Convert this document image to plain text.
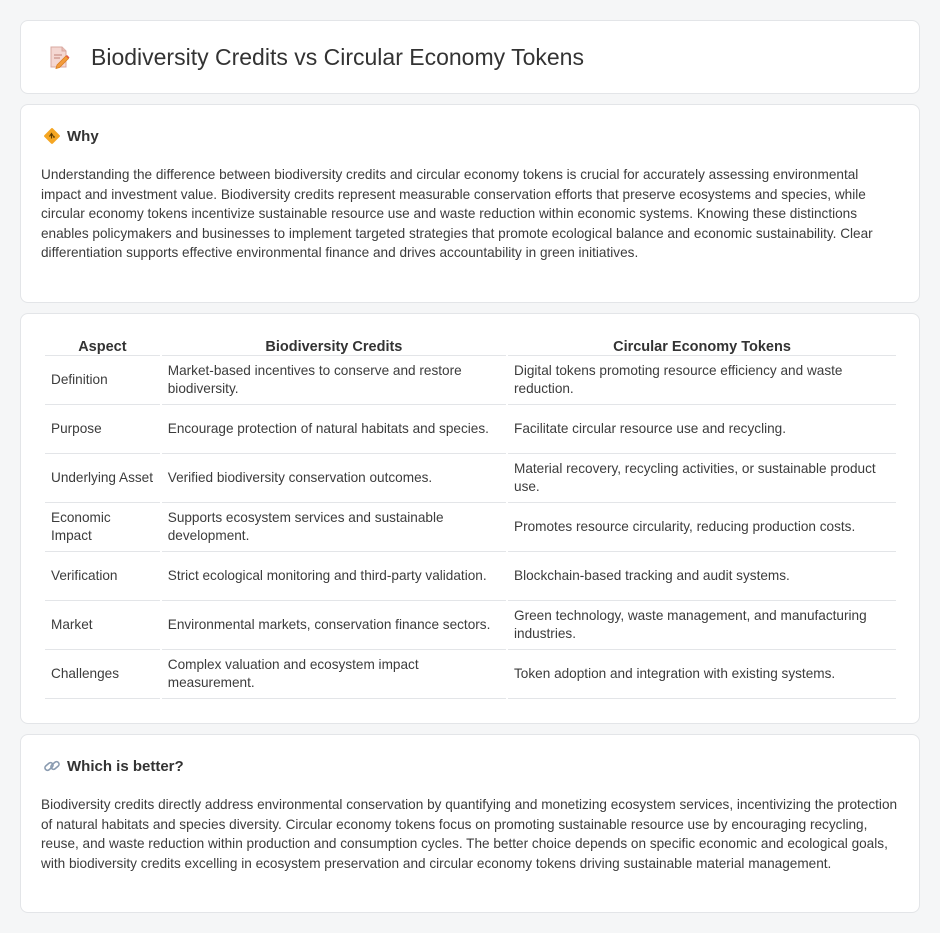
Biodiversity Credits vs Circular Economy Tokens
Why

Understanding the difference between biodiversity credits and circular economy tokens is crucial for accurately assessing environmental impact and investment value. Biodiversity credits represent measurable conservation efforts that preserve ecosystems and species, while circular economy tokens incentivize sustainable resource use and waste reduction within economic systems. Knowing these distinctions enables policymakers and businesses to implement targeted strategies that promote ecological balance and economic sustainability. Clear differentiation supports effective environmental finance and drives accountability in green initiatives.

Aspect	Biodiversity Credits	Circular Economy Tokens
Definition	Market-based incentives to conserve and restore biodiversity.	Digital tokens promoting resource efficiency and waste reduction.
Purpose	Encourage protection of natural habitats and species.	Facilitate circular resource use and recycling.
Underlying Asset	Verified biodiversity conservation outcomes.	Material recovery, recycling activities, or sustainable product use.
Economic Impact	Supports ecosystem services and sustainable development.	Promotes resource circularity, reducing production costs.
Verification	Strict ecological monitoring and third-party validation.	Blockchain-based tracking and audit systems.
Market	Environmental markets, conservation finance sectors.	Green technology, waste management, and manufacturing industries.
Challenges	Complex valuation and ecosystem impact measurement.	Token adoption and integration with existing systems.
Which is better?

Biodiversity credits directly address environmental conservation by quantifying and monetizing ecosystem services, incentivizing the protection of natural habitats and species diversity. Circular economy tokens focus on promoting sustainable resource use by encouraging recycling, reuse, and waste reduction within production and consumption cycles. The better choice depends on specific economic and ecological goals, with biodiversity credits excelling in ecosystem preservation and circular economy tokens driving sustainable material management.
